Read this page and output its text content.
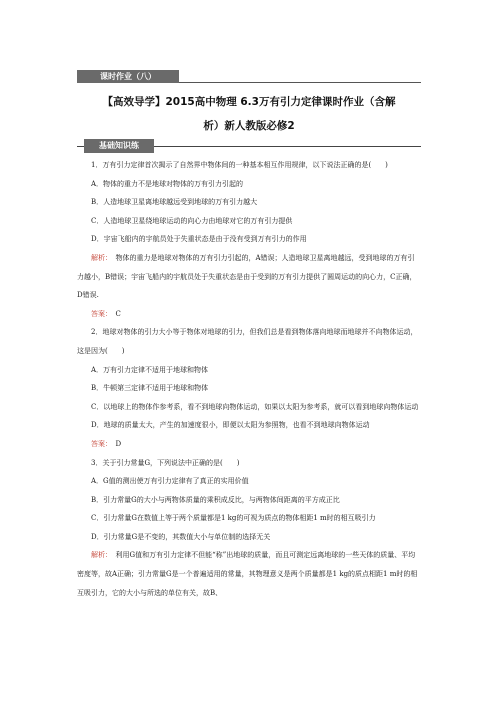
课时作业（八）
【高效导学】2015高中物理 6.3万有引力定律课时作业（含解
析）新人教版必修2
基础知识练

1．万有引力定律首次揭示了自然界中物体间的一种基本相互作用规律，以下说法正确的是(　　)

A．物体的重力不是地球对物体的万有引力引起的

B．人造地球卫星离地球越远受到地球的万有引力越大

C．人造地球卫星绕地球运动的向心力由地球对它的万有引力提供

D．宇宙飞船内的宇航员处于失重状态是由于没有受到万有引力的作用

解析：　物体的重力是地球对物体的万有引力引起的，A错误；人造地球卫星离地越远，受到地球的万有引力越小，B错误；宇宙飞船内的宇航员处于失重状态是由于受到的万有引力提供了圆周运动的向心力，C正确，D错误.

答案：　C

2．地球对物体的引力大小等于物体对地球的引力，但我们总是看到物体落向地球而地球并不向物体运动，这是因为(　　)

A．万有引力定律不适用于地球和物体

B．牛顿第三定律不适用于地球和物体

C．以地球上的物体作参考系，看不到地球向物体运动，如果以太阳为参考系，就可以看到地球向物体运动

D．地球的质量太大，产生的加速度很小，即便以太阳为参照物，也看不到地球向物体运动

答案：　D

3．关于引力常量G，下列说法中正确的是(　　)

A．G值的测出使万有引力定律有了真正的实用价值

B．引力常量G的大小与两物体质量的乘积成反比，与两物体间距离的平方成正比

C．引力常量G在数值上等于两个质量都是1 kg的可视为质点的物体相距1 m时的相互吸引力

D．引力常量G是不变的，其数值大小与单位制的选择无关

解析：　利用G值和万有引力定律不但能“称”出地球的质量，而且可测定远离地球的一些天体的质量、平均密度等，故A正确；引力常量G是一个普遍适用的常量，其物理意义是两个质量都是1 kg的质点相距1 m时的相互吸引力，它的大小与所选的单位有关，故B、
